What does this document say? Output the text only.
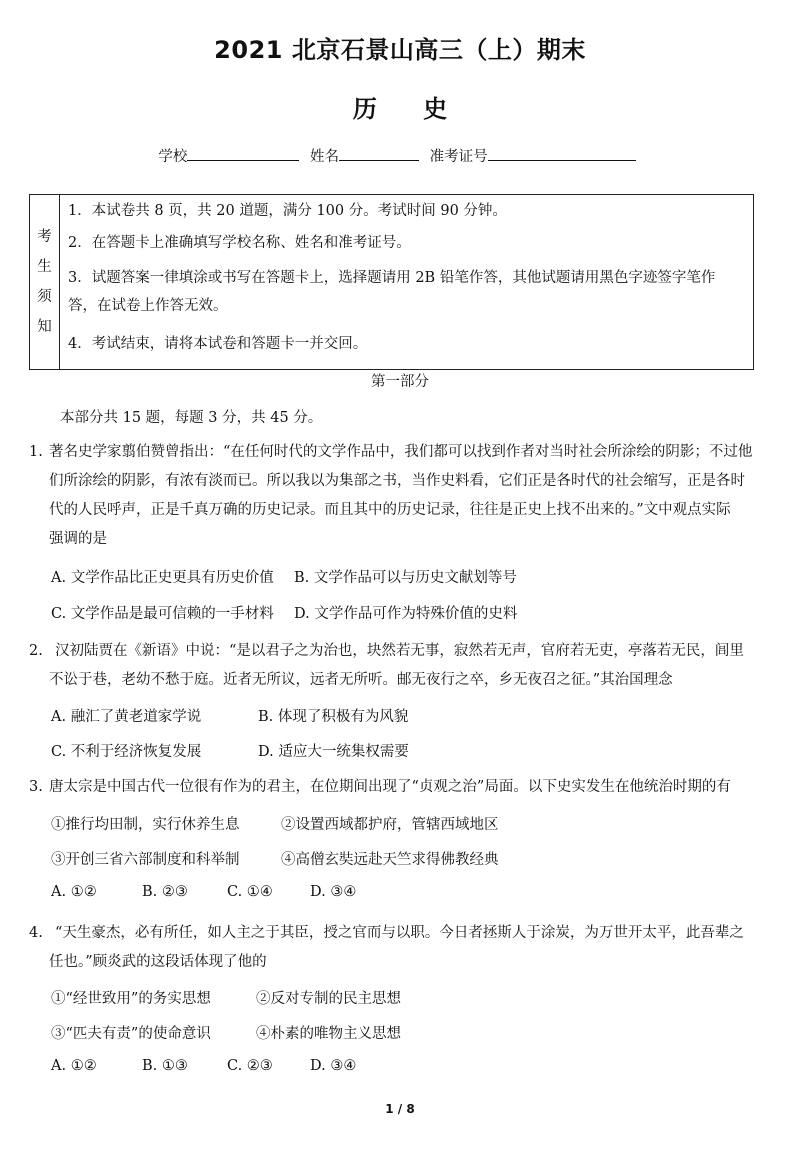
2021 北京石景山高三（上）期末
历 史
学校	姓名	准考证号
考
生
须
知
1．本试卷共 8 页，共 20 道题，满分 100 分。考试时间 90 分钟。
2．在答题卡上准确填写学校名称、姓名和准考证号。
3．试题答案一律填涂或书写在答题卡上，选择题请用 2B 铅笔作答，其他试题请用黑色字迹签字笔作
答，在试卷上作答无效。
4．考试结束，请将本试卷和答题卡一并交回。
第一部分
本部分共 15 题，每题 3 分，共 45 分。
1. 著名史学家翦伯赞曾指出：“在任何时代的文学作品中，我们都可以找到作者对当时社会所涂绘的阴影；不过他
们所涂绘的阴影，有浓有淡而已。所以我以为集部之书，当作史料看，它们正是各时代的社会缩写，正是各时
代的人民呼声，正是千真万确的历史记录。而且其中的历史记录，往往是正史上找不出来的。”文中观点实际
强调的是
A. 文学作品比正史更具有历史价值 B. 文学作品可以与历史文献划等号
C. 文学作品是最可信赖的一手材料 D. 文学作品可作为特殊价值的史料
2. 汉初陆贾在《新语》中说：“是以君子之为治也，块然若无事，寂然若无声，官府若无吏，亭落若无民，闾里
不讼于巷，老幼不愁于庭。近者无所议，远者无所听。邮无夜行之卒，乡无夜召之征。”其治国理念
A. 融汇了黄老道家学说	B. 体现了积极有为风貌
C. 不利于经济恢复发展	D. 适应大一统集权需要
3. 唐太宗是中国古代一位很有作为的君主，在位期间出现了“贞观之治”局面。以下史实发生在他统治时期的有
①推行均田制，实行休养生息	②设置西域都护府，管辖西域地区
③开创三省六部制度和科举制	④高僧玄奘远赴天竺求得佛教经典
A. ①②	B. ②③	C. ①④	D. ③④
4. “天生豪杰，必有所任，如人主之于其臣，授之官而与以职。今日者拯斯人于涂炭，为万世开太平，此吾辈之
任也。”顾炎武的这段话体现了他的
①“经世致用”的务实思想	②反对专制的民主思想
③“匹夫有责”的使命意识	④朴素的唯物主义思想
A. ①②	B. ①③	C. ②③	D. ③④
1 / 8
